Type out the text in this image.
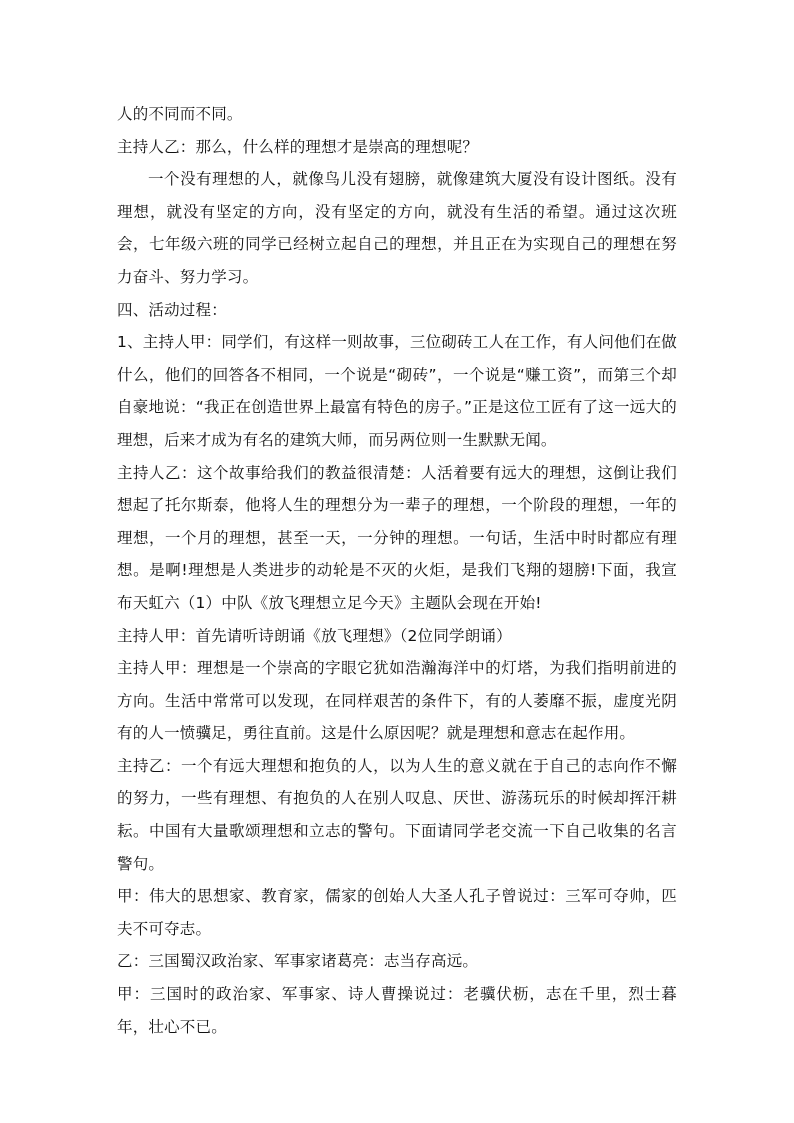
人的不同而不同。

主持人乙：那么，什么样的理想才是崇高的理想呢？

一个没有理想的人，就像鸟儿没有翅膀，就像建筑大厦没有设计图纸。没有理想，就没有坚定的方向，没有坚定的方向，就没有生活的希望。通过这次班会，七年级六班的同学已经树立起自己的理想，并且正在为实现自己的理想在努力奋斗、努力学习。

四、活动过程：

1、主持人甲：同学们，有这样一则故事，三位砌砖工人在工作，有人问他们在做什么，他们的回答各不相同，一个说是“砌砖”，一个说是“赚工资”，而第三个却自豪地说：“我正在创造世界上最富有特色的房子。”正是这位工匠有了这一远大的理想，后来才成为有名的建筑大师，而另两位则一生默默无闻。

主持人乙：这个故事给我们的教益很清楚：人活着要有远大的理想，这倒让我们想起了托尔斯泰，他将人生的理想分为一辈子的理想，一个阶段的理想，一年的理想，一个月的理想，甚至一天，一分钟的理想。一句话，生活中时时都应有理想。是啊!理想是人类进步的动轮是不灭的火炬，是我们飞翔的翅膀!下面，我宣布天虹六（1）中队《放飞理想立足今天》主题队会现在开始!

主持人甲：首先请听诗朗诵《放飞理想》（2位同学朗诵）

主持人甲：理想是一个崇高的字眼它犹如浩瀚海洋中的灯塔，为我们指明前进的方向。生活中常常可以发现，在同样艰苦的条件下，有的人萎靡不振，虚度光阴有的人一愤骥足，勇往直前。这是什么原因呢？就是理想和意志在起作用。

主持乙：一个有远大理想和抱负的人，以为人生的意义就在于自己的志向作不懈的努力，一些有理想、有抱负的人在别人叹息、厌世、游荡玩乐的时候却挥汗耕耘。中国有大量歌颂理想和立志的警句。下面请同学老交流一下自己收集的名言警句。

甲：伟大的思想家、教育家，儒家的创始人大圣人孔子曾说过：三军可夺帅，匹夫不可夺志。

乙：三国蜀汉政治家、军事家诸葛亮：志当存高远。

甲：三国时的政治家、军事家、诗人曹操说过：老骥伏枥，志在千里，烈士暮年，壮心不已。
